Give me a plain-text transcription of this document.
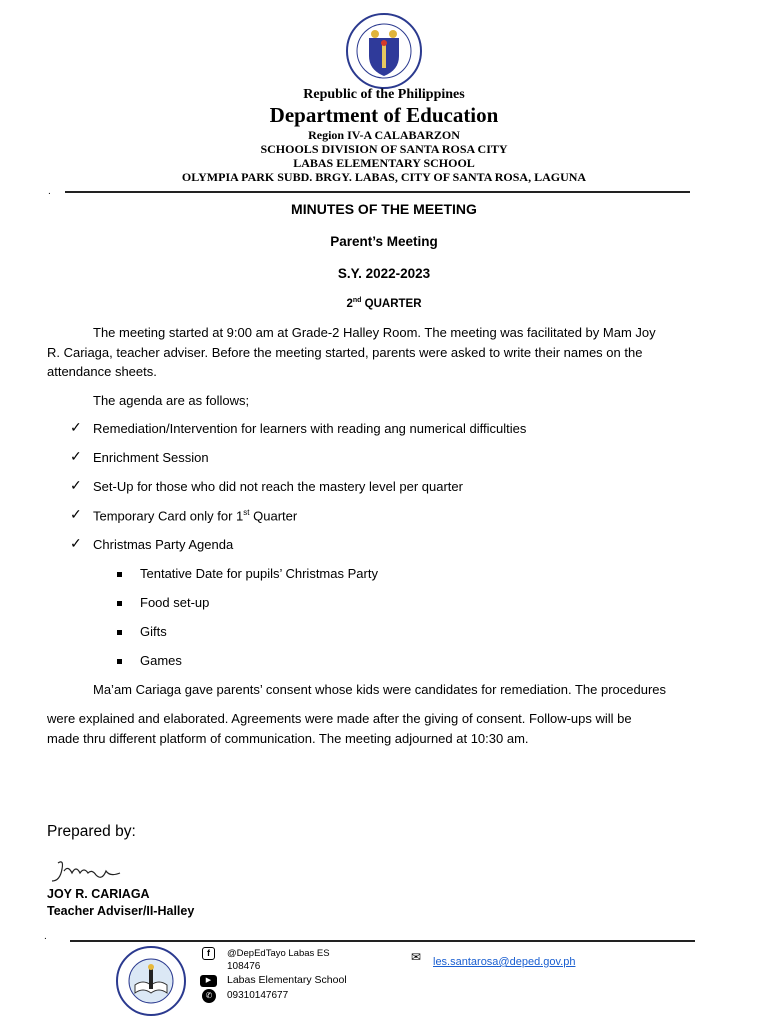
Republic of the Philippines
Department of Education
Region IV-A CALABARZON
SCHOOLS DIVISION OF SANTA ROSA CITY
LABAS ELEMENTARY SCHOOL
OLYMPIA PARK SUBD. BRGY. LABAS, CITY OF SANTA ROSA, LAGUNA
.
MINUTES OF THE MEETING
Parent’s Meeting
S.Y. 2022-2023
2nd QUARTER
The meeting started at 9:00 am at Grade-2 Halley Room. The meeting was facilitated by Mam Joy
R. Cariaga, teacher adviser. Before the meeting started, parents were asked to write their names on the
attendance sheets.
The agenda are as follows;
✓ Remediation/Intervention for learners with reading ang numerical difficulties
✓ Enrichment Session
✓ Set-Up for those who did not reach the mastery level per quarter
✓ Temporary Card only for 1st Quarter
✓ Christmas Party Agenda
Tentative Date for pupils’ Christmas Party
Food set-up
Gifts
Games
Ma’am Cariaga gave parents’ consent whose kids were candidates for remediation. The procedures
were explained and elaborated. Agreements were made after the giving of consent. Follow-ups will be
made thru different platform of communication. The meeting adjourned at 10:30 am.
Prepared by:
JOY R. CARIAGA
Teacher Adviser/II-Halley
.
f	@DepEdTayo Labas ES
108476
▶	Labas Elementary School
✆	09310147677
✉ les.santarosa@deped.gov.ph
